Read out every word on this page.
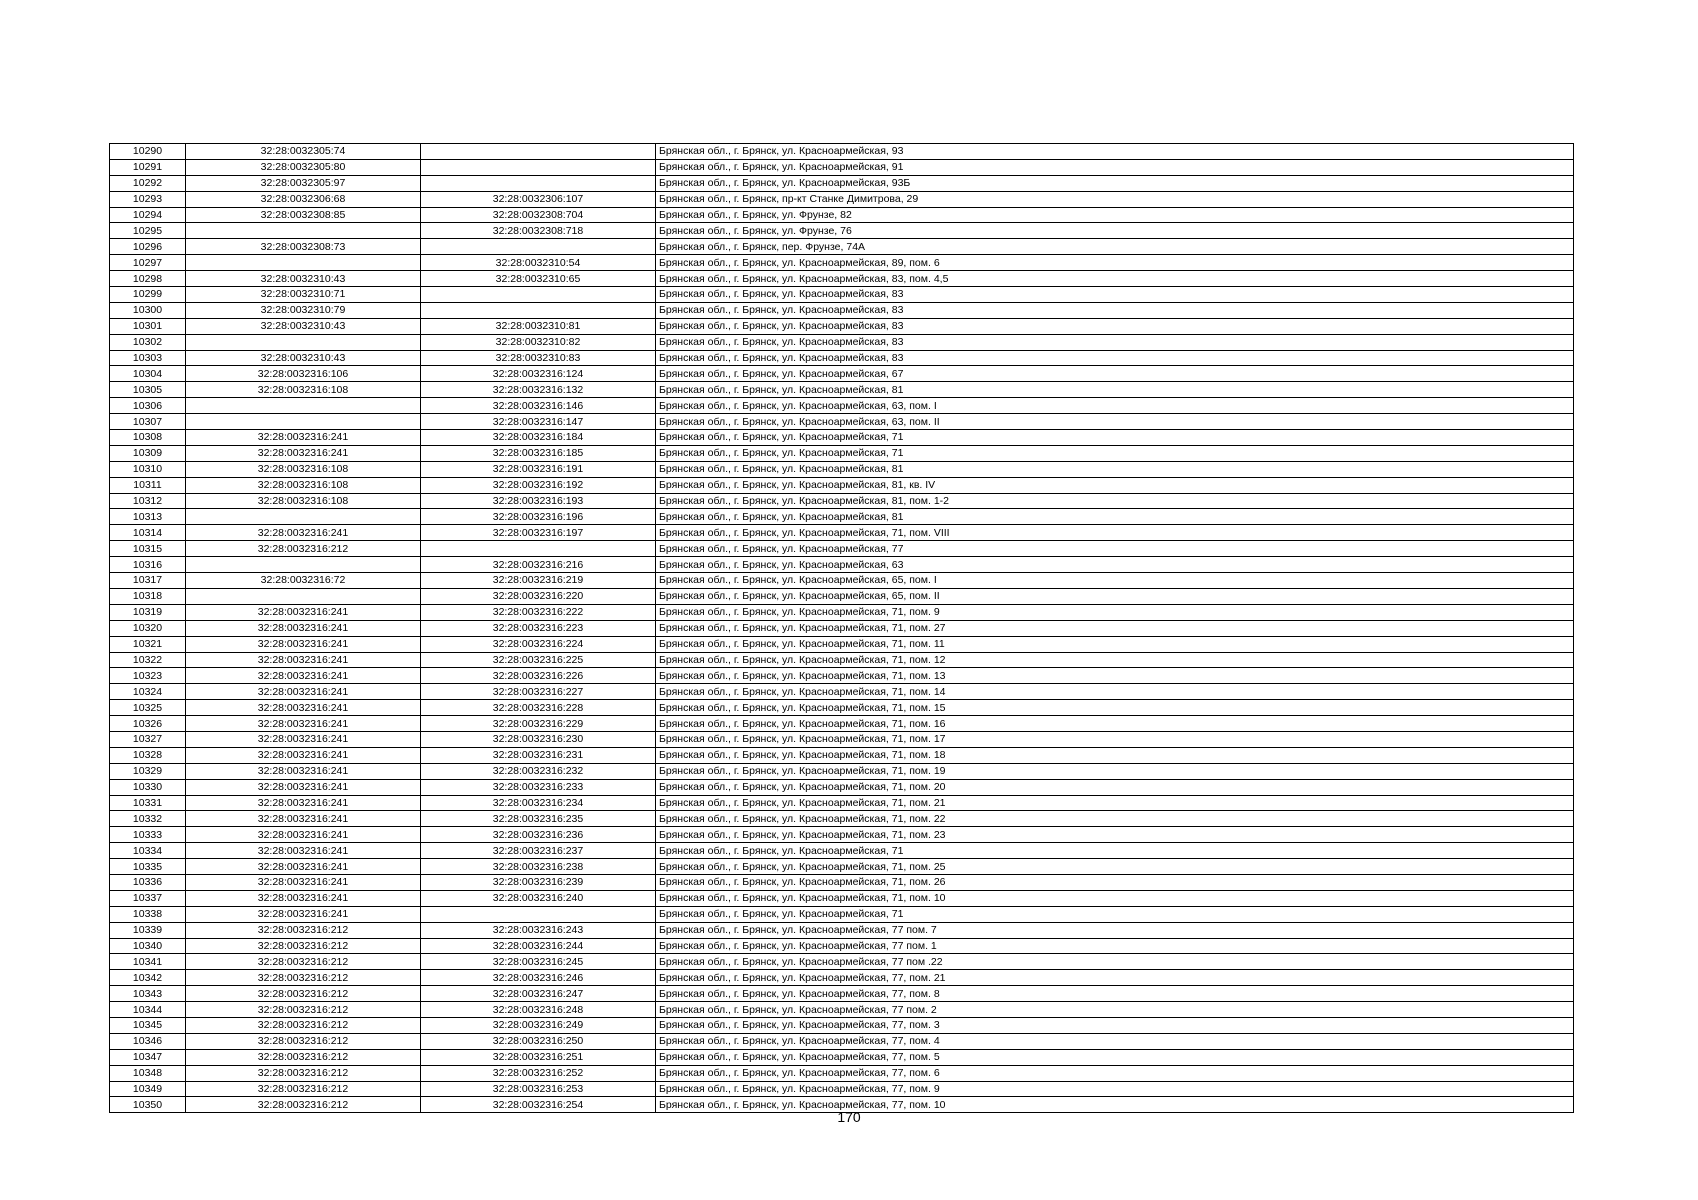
10290	32:28:0032305:74		Брянская обл., г. Брянск, ул. Красноармейская, 93
10291	32:28:0032305:80		Брянская обл., г. Брянск, ул. Красноармейская, 91
10292	32:28:0032305:97		Брянская обл., г. Брянск, ул. Красноармейская, 93Б
10293	32:28:0032306:68	32:28:0032306:107	Брянская обл., г. Брянск, пр-кт Станке Димитрова, 29
10294	32:28:0032308:85	32:28:0032308:704	Брянская обл., г. Брянск, ул. Фрунзе, 82
10295		32:28:0032308:718	Брянская обл., г. Брянск, ул. Фрунзе, 76
10296	32:28:0032308:73		Брянская обл., г. Брянск, пер. Фрунзе, 74А
10297		32:28:0032310:54	Брянская обл., г. Брянск, ул. Красноармейская, 89, пом. 6
10298	32:28:0032310:43	32:28:0032310:65	Брянская обл., г. Брянск, ул. Красноармейская, 83, пом. 4,5
10299	32:28:0032310:71		Брянская обл., г. Брянск, ул. Красноармейская, 83
10300	32:28:0032310:79		Брянская обл., г. Брянск, ул. Красноармейская, 83
10301	32:28:0032310:43	32:28:0032310:81	Брянская обл., г. Брянск, ул. Красноармейская, 83
10302		32:28:0032310:82	Брянская обл., г. Брянск, ул. Красноармейская, 83
10303	32:28:0032310:43	32:28:0032310:83	Брянская обл., г. Брянск, ул. Красноармейская, 83
10304	32:28:0032316:106	32:28:0032316:124	Брянская обл., г. Брянск, ул. Красноармейская, 67
10305	32:28:0032316:108	32:28:0032316:132	Брянская обл., г. Брянск, ул. Красноармейская, 81
10306		32:28:0032316:146	Брянская обл., г. Брянск, ул. Красноармейская, 63, пом. I
10307		32:28:0032316:147	Брянская обл., г. Брянск, ул. Красноармейская, 63, пом. II
10308	32:28:0032316:241	32:28:0032316:184	Брянская обл., г. Брянск, ул. Красноармейская, 71
10309	32:28:0032316:241	32:28:0032316:185	Брянская обл., г. Брянск, ул. Красноармейская, 71
10310	32:28:0032316:108	32:28:0032316:191	Брянская обл., г. Брянск, ул. Красноармейская, 81
10311	32:28:0032316:108	32:28:0032316:192	Брянская обл., г. Брянск, ул. Красноармейская, 81, кв. IV
10312	32:28:0032316:108	32:28:0032316:193	Брянская обл., г. Брянск, ул. Красноармейская, 81, пом. 1-2
10313		32:28:0032316:196	Брянская обл., г. Брянск, ул. Красноармейская, 81
10314	32:28:0032316:241	32:28:0032316:197	Брянская обл., г. Брянск, ул. Красноармейская, 71, пом. VIII
10315	32:28:0032316:212		Брянская обл., г. Брянск, ул. Красноармейская, 77
10316		32:28:0032316:216	Брянская обл., г. Брянск, ул. Красноармейская, 63
10317	32:28:0032316:72	32:28:0032316:219	Брянская обл., г. Брянск, ул. Красноармейская, 65, пом. I
10318		32:28:0032316:220	Брянская обл., г. Брянск, ул. Красноармейская, 65, пом. II
10319	32:28:0032316:241	32:28:0032316:222	Брянская обл., г. Брянск, ул. Красноармейская, 71, пом. 9
10320	32:28:0032316:241	32:28:0032316:223	Брянская обл., г. Брянск, ул. Красноармейская, 71, пом. 27
10321	32:28:0032316:241	32:28:0032316:224	Брянская обл., г. Брянск, ул. Красноармейская, 71, пом. 11
10322	32:28:0032316:241	32:28:0032316:225	Брянская обл., г. Брянск, ул. Красноармейская, 71, пом. 12
10323	32:28:0032316:241	32:28:0032316:226	Брянская обл., г. Брянск, ул. Красноармейская, 71, пом. 13
10324	32:28:0032316:241	32:28:0032316:227	Брянская обл., г. Брянск, ул. Красноармейская, 71, пом. 14
10325	32:28:0032316:241	32:28:0032316:228	Брянская обл., г. Брянск, ул. Красноармейская, 71, пом. 15
10326	32:28:0032316:241	32:28:0032316:229	Брянская обл., г. Брянск, ул. Красноармейская, 71, пом. 16
10327	32:28:0032316:241	32:28:0032316:230	Брянская обл., г. Брянск, ул. Красноармейская, 71, пом. 17
10328	32:28:0032316:241	32:28:0032316:231	Брянская обл., г. Брянск, ул. Красноармейская, 71, пом. 18
10329	32:28:0032316:241	32:28:0032316:232	Брянская обл., г. Брянск, ул. Красноармейская, 71, пом. 19
10330	32:28:0032316:241	32:28:0032316:233	Брянская обл., г. Брянск, ул. Красноармейская, 71, пом. 20
10331	32:28:0032316:241	32:28:0032316:234	Брянская обл., г. Брянск, ул. Красноармейская, 71, пом. 21
10332	32:28:0032316:241	32:28:0032316:235	Брянская обл., г. Брянск, ул. Красноармейская, 71, пом. 22
10333	32:28:0032316:241	32:28:0032316:236	Брянская обл., г. Брянск, ул. Красноармейская, 71, пом. 23
10334	32:28:0032316:241	32:28:0032316:237	Брянская обл., г. Брянск, ул. Красноармейская, 71
10335	32:28:0032316:241	32:28:0032316:238	Брянская обл., г. Брянск, ул. Красноармейская, 71, пом. 25
10336	32:28:0032316:241	32:28:0032316:239	Брянская обл., г. Брянск, ул. Красноармейская, 71, пом. 26
10337	32:28:0032316:241	32:28:0032316:240	Брянская обл., г. Брянск, ул. Красноармейская, 71, пом. 10
10338	32:28:0032316:241		Брянская обл., г. Брянск, ул. Красноармейская, 71
10339	32:28:0032316:212	32:28:0032316:243	Брянская обл., г. Брянск, ул. Красноармейская, 77 пом. 7
10340	32:28:0032316:212	32:28:0032316:244	Брянская обл., г. Брянск, ул. Красноармейская, 77 пом. 1
10341	32:28:0032316:212	32:28:0032316:245	Брянская обл., г. Брянск, ул. Красноармейская, 77 пом .22
10342	32:28:0032316:212	32:28:0032316:246	Брянская обл., г. Брянск, ул. Красноармейская, 77, пом. 21
10343	32:28:0032316:212	32:28:0032316:247	Брянская обл., г. Брянск, ул. Красноармейская, 77, пом. 8
10344	32:28:0032316:212	32:28:0032316:248	Брянская обл., г. Брянск, ул. Красноармейская, 77 пом. 2
10345	32:28:0032316:212	32:28:0032316:249	Брянская обл., г. Брянск, ул. Красноармейская, 77, пом. 3
10346	32:28:0032316:212	32:28:0032316:250	Брянская обл., г. Брянск, ул. Красноармейская, 77, пом. 4
10347	32:28:0032316:212	32:28:0032316:251	Брянская обл., г. Брянск, ул. Красноармейская, 77, пом. 5
10348	32:28:0032316:212	32:28:0032316:252	Брянская обл., г. Брянск, ул. Красноармейская, 77, пом. 6
10349	32:28:0032316:212	32:28:0032316:253	Брянская обл., г. Брянск, ул. Красноармейская, 77, пом. 9
10350	32:28:0032316:212	32:28:0032316:254	Брянская обл., г. Брянск, ул. Красноармейская, 77, пом. 10
170
